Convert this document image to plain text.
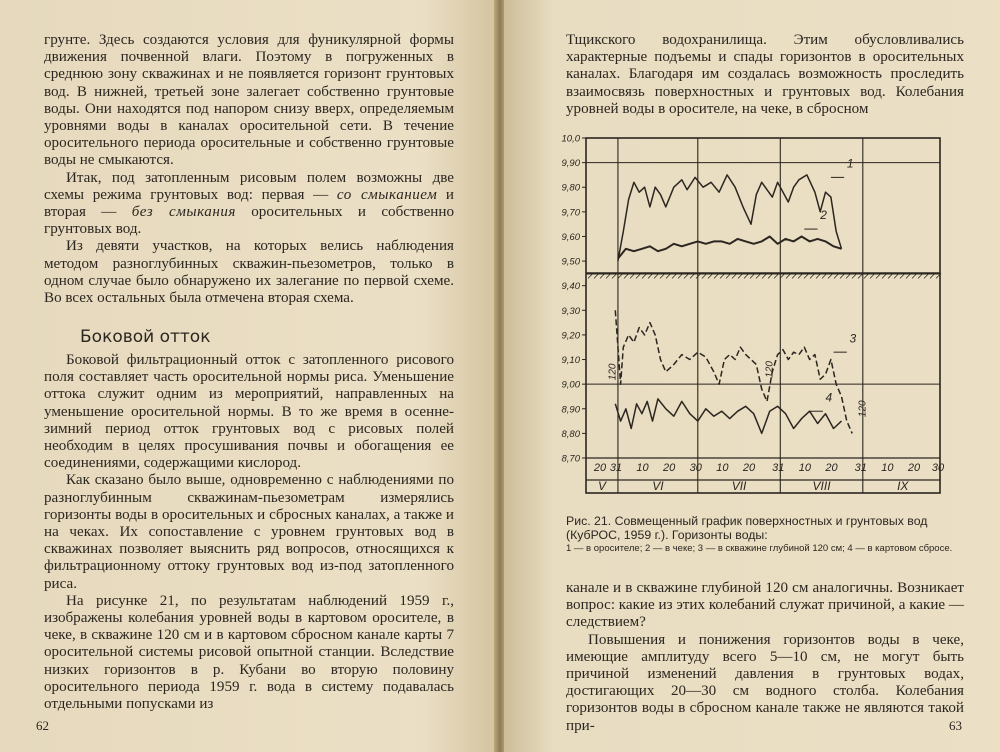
грунте. Здесь создаются условия для фуникулярной формы движения почвенной влаги. Поэтому в погруженных в среднюю зону скважинах и не появляется горизонт грунтовых вод. В нижней, третьей зоне залегает собственно грунтовые воды. Они находятся под напором снизу вверх, определяемым уровнями воды в каналах оросительной сети. В течение оросительного периода оросительные и собственно грунтовые воды не смыкаются.

Итак, под затопленным рисовым полем возможны две схемы режима грунтовых вод: первая — со смыканием и вторая — без смыкания оросительных и собственно грунтовых вод.

Из девяти участков, на которых велись наблюдения методом разноглубинных скважин-пьезометров, только в одном случае было обнаружено их залегание по первой схеме. Во всех остальных была отмечена вторая схема.

Боковой отток

Боковой фильтрационный отток с затопленного рисового поля составляет часть оросительной нормы риса. Уменьшение оттока служит одним из мероприятий, направленных на уменьшение оросительной нормы. В то же время в осенне-зимний период отток грунтовых вод с рисовых полей необходим в целях просушивания почвы и обогащения ее соединениями, содержащими кислород.

Как сказано было выше, одновременно с наблюдениями по разноглубинным скважинам-пьезометрам измерялись горизонты воды в оросительных и сбросных каналах, а также и на чеках. Их сопоставление с уровнем грунтовых вод в скважинах позволяет выяснить ряд вопросов, относящихся к фильтрационному оттоку грунтовых вод из-под затопленного риса.

На рисунке 21, по результатам наблюдений 1959 г., изображены колебания уровней воды в картовом оросителе, в чеке, в скважине 120 см и в картовом сбросном канале карты 7 оросительной системы рисовой опытной станции. Вследствие низких горизонтов в р. Кубани во вторую половину оросительного периода 1959 г. вода в систему подавалась отдельными попусками из

62

Тщикского водохранилища. Этим обусловливались характерные подъемы и спады горизонтов в оросительных каналах. Благодаря им создалась возможность проследить взаимосвязь поверхностных и грунтовых вод. Колебания уровней воды в оросителе, на чеке, в сбросном

10,0
9,90
9,80
9,70
9,60
9,50
9,40
9,30
9,20
9,10
9,00
8,90
8,80
8,70
20 31 10 20 30 10 20 31 10 20 31 10 20 30
V	VI	VII	VIII	IX
1
2
3
4
120	120
120
Рис. 21. Совмещенный график поверхностных и грунтовых вод (КубРОС, 1959 г.). Горизонты воды:
1 — в оросителе; 2 — в чеке; 3 — в скважине глубиной 120 см; 4 — в картовом сбросе.

канале и в скважине глубиной 120 см аналогичны. Возникает вопрос: какие из этих колебаний служат причиной, а какие — следствием?

Повышения и понижения горизонтов воды в чеке, имеющие амплитуду всего 5—10 см, не могут быть причиной изменений давления в грунтовых водах, достигающих 20—30 см водного столба. Колебания горизонтов воды в сбросном канале также не являются такой при-	63
